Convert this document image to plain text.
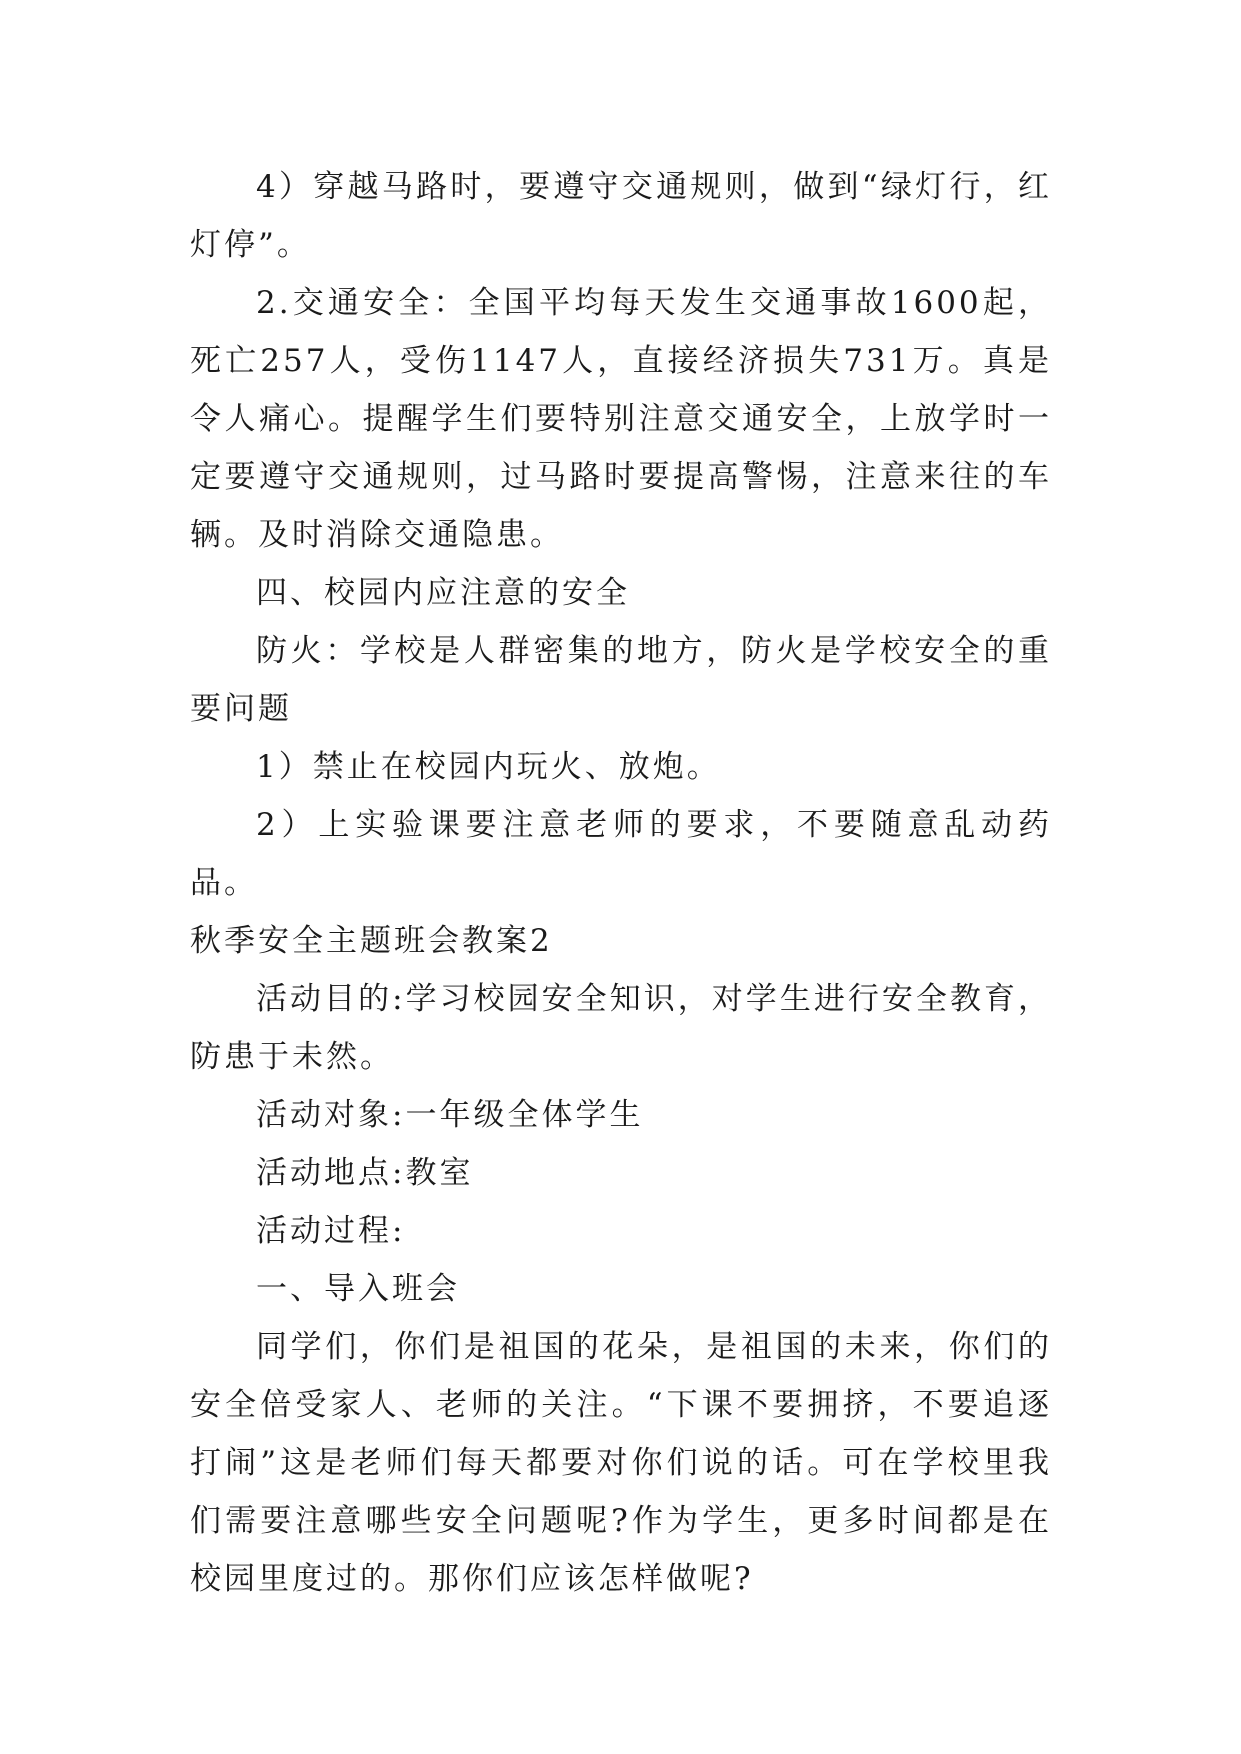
4）穿越马路时，要遵守交通规则，做到“绿灯行，红灯停”。

2.交通安全：全国平均每天发生交通事故1600起，死亡257人，受伤1147人，直接经济损失731万。真是令人痛心。提醒学生们要特别注意交通安全，上放学时一定要遵守交通规则，过马路时要提高警惕，注意来往的车辆。及时消除交通隐患。

四、校园内应注意的安全

防火：学校是人群密集的地方，防火是学校安全的重要问题

1）禁止在校园内玩火、放炮。

2）上实验课要注意老师的要求，不要随意乱动药品。

秋季安全主题班会教案2

活动目的:学习校园安全知识，对学生进行安全教育，防患于未然。

活动对象:一年级全体学生

活动地点:教室

活动过程:

一、导入班会

同学们，你们是祖国的花朵，是祖国的未来，你们的安全倍受家人、老师的关注。“下课不要拥挤，不要追逐打闹”这是老师们每天都要对你们说的话。可在学校里我们需要注意哪些安全问题呢?作为学生，更多时间都是在校园里度过的。那你们应该怎样做呢?
